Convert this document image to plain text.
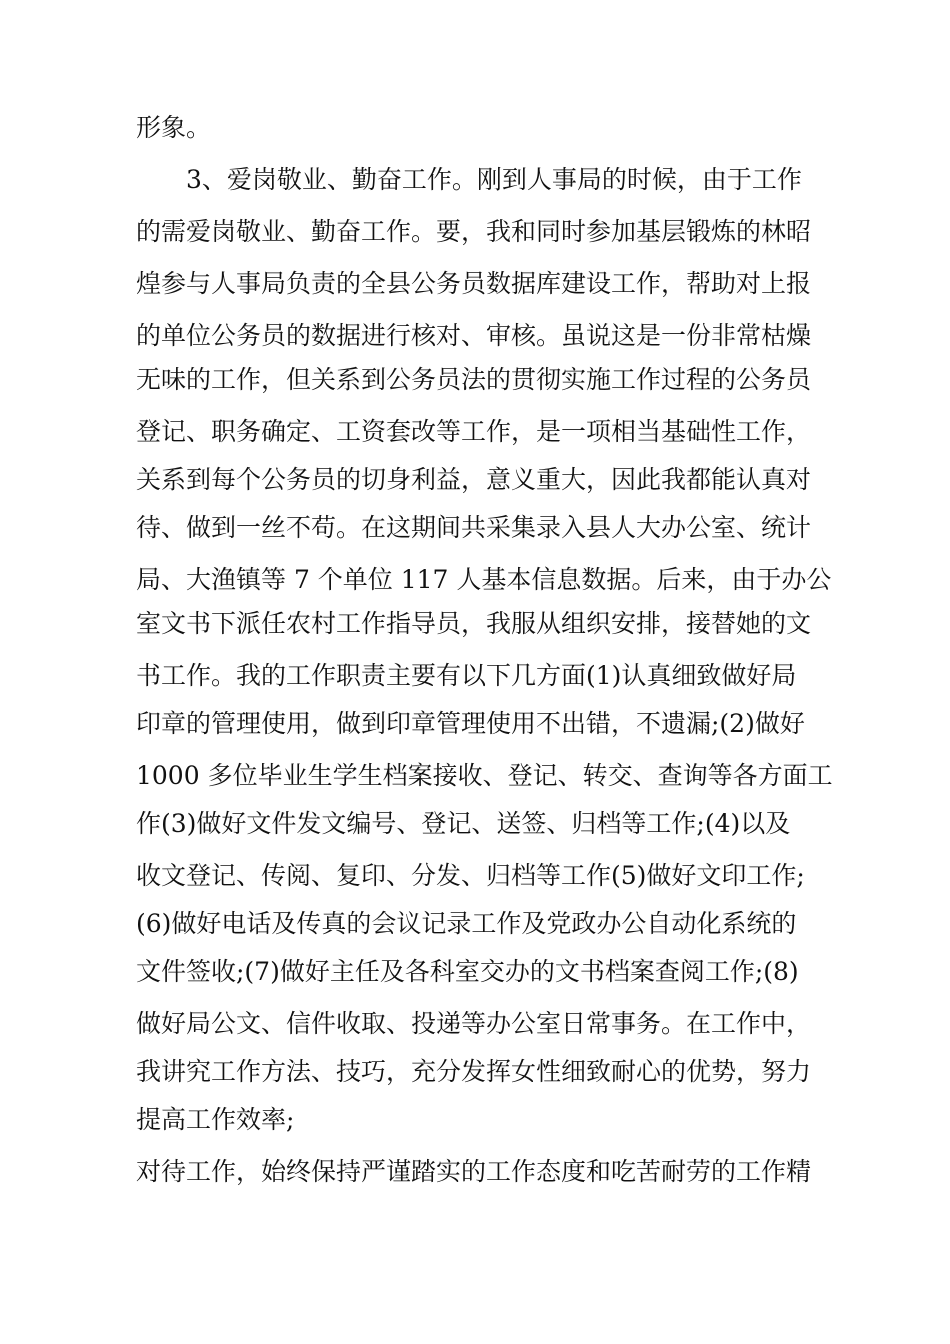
形象。
　　3、爱岗敬业、勤奋工作。刚到人事局的时候，由于工作
的需爱岗敬业、勤奋工作。要，我和同时参加基层锻炼的林昭
煌参与人事局负责的全县公务员数据库建设工作，帮助对上报
的单位公务员的数据进行核对、审核。虽说这是一份非常枯燥
无味的工作，但关系到公务员法的贯彻实施工作过程的公务员
登记、职务确定、工资套改等工作，是一项相当基础性工作，
关系到每个公务员的切身利益，意义重大，因此我都能认真对
待、做到一丝不苟。在这期间共采集录入县人大办公室、统计
局、大渔镇等 7 个单位 117 人基本信息数据。后来，由于办公
室文书下派任农村工作指导员，我服从组织安排，接替她的文
书工作。我的工作职责主要有以下几方面(1)认真细致做好局
印章的管理使用，做到印章管理使用不出错，不遗漏;(2)做好
1000 多位毕业生学生档案接收、登记、转交、查询等各方面工
作(3)做好文件发文编号、登记、送签、归档等工作;(4)以及
收文登记、传阅、复印、分发、归档等工作(5)做好文印工作;
(6)做好电话及传真的会议记录工作及党政办公自动化系统的
文件签收;(7)做好主任及各科室交办的文书档案查阅工作;(8)
做好局公文、信件收取、投递等办公室日常事务。在工作中，
我讲究工作方法、技巧，充分发挥女性细致耐心的优势，努力
提高工作效率;
对待工作，始终保持严谨踏实的工作态度和吃苦耐劳的工作精
